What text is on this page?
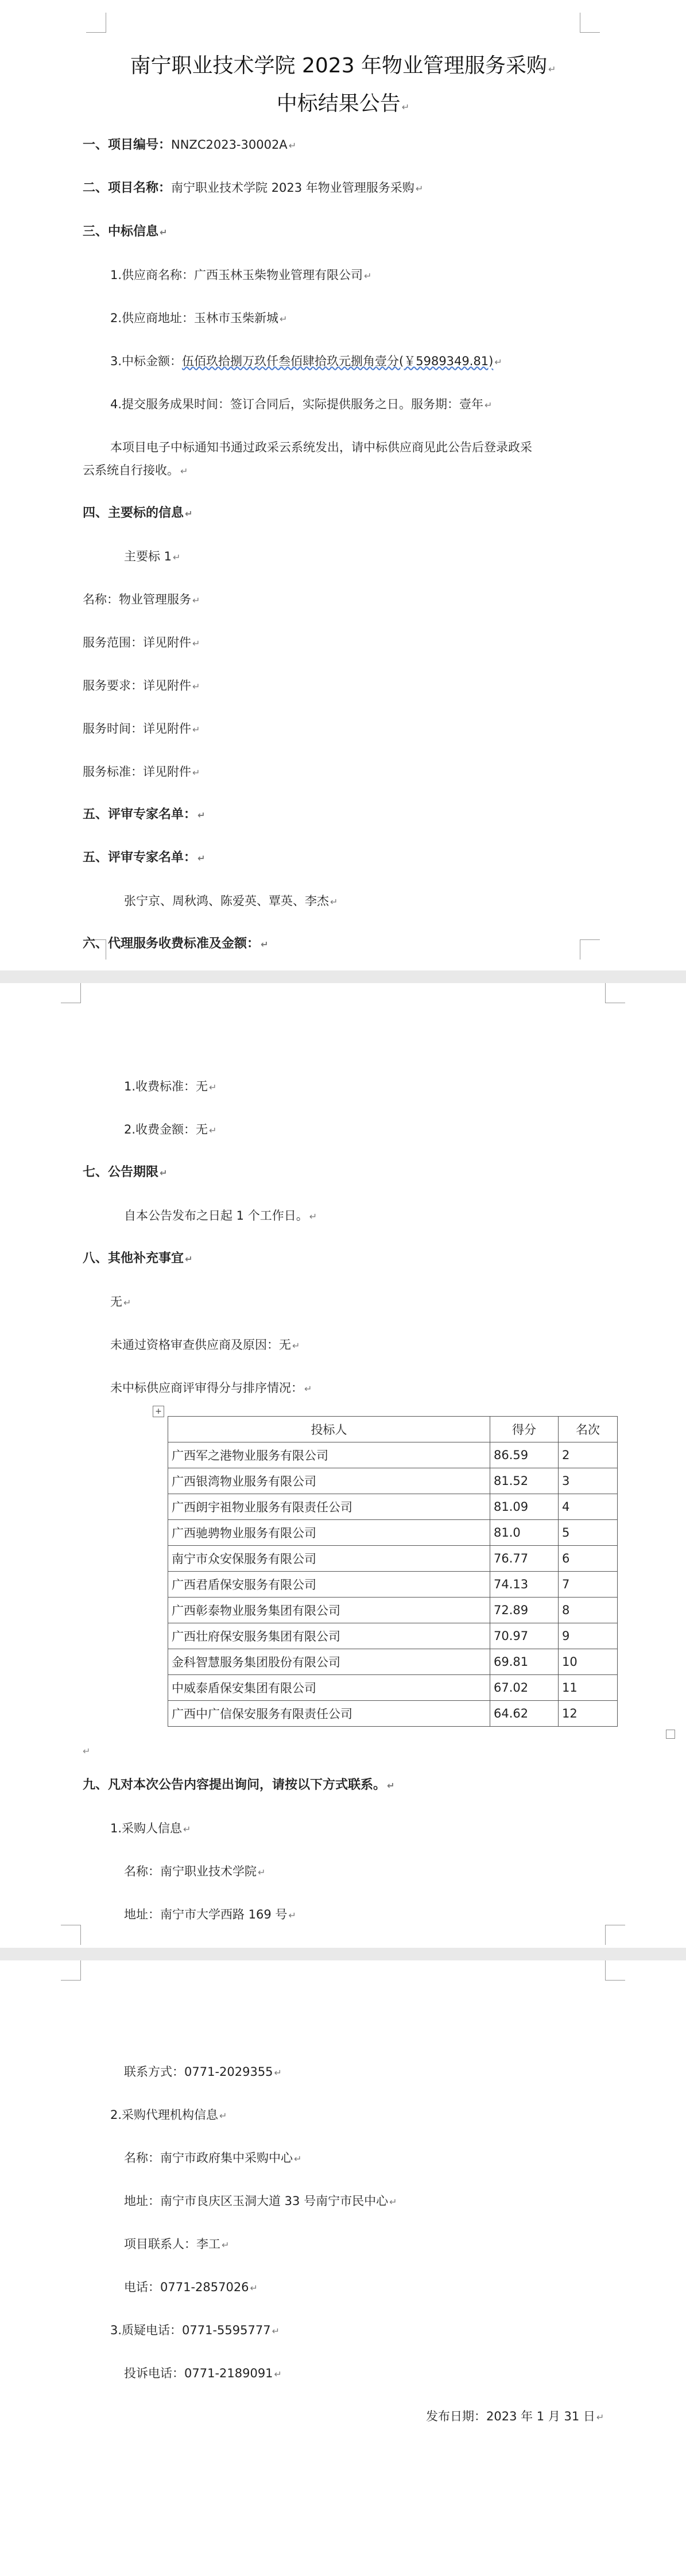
南宁职业技术学院 2023 年物业管理服务采购 ↵
中标结果公告 ↵
一、项目编号：NNZC2023-30002A ↵
二、项目名称：南宁职业技术学院 2023 年物业管理服务采购 ↵
三、中标信息 ↵
1.供应商名称：广西玉林玉柴物业管理有限公司 ↵
2.供应商地址：玉林市玉柴新城 ↵
3.中标金额：伍佰玖拾捌万玖仟叁佰肆拾玖元捌角壹分(￥5989349.81) ↵
4.提交服务成果时间：签订合同后，实际提供服务之日。服务期：壹年 ↵
本项目电子中标通知书通过政采云系统发出，请中标供应商见此公告后登录政采
云系统自行接收。 ↵
四、主要标的信息 ↵
主要标 1 ↵
名称：物业管理服务 ↵
服务范围：详见附件 ↵
服务要求：详见附件 ↵
服务时间：详见附件 ↵
服务标准：详见附件 ↵
五、评审专家名单： ↵
五、评审专家名单： ↵
张宁京、周秋鸿、陈爱英、覃英、李杰 ↵
六、代理服务收费标准及金额： ↵
1.收费标准：无 ↵
2.收费金额：无 ↵
七、公告期限 ↵
自本公告发布之日起 1 个工作日。 ↵
八、其他补充事宜 ↵
无 ↵
未通过资格审查供应商及原因：无 ↵
未中标供应商评审得分与排序情况： ↵
+
投标人	得分	名次
广西军之港物业服务有限公司	86.59	2
广西银湾物业服务有限公司	81.52	3
广西朗宇祖物业服务有限责任公司	81.09	4
广西驰骋物业服务有限公司	81.0	5
南宁市众安保服务有限公司	76.77	6
广西君盾保安服务有限公司	74.13	7
广西彰泰物业服务集团有限公司	72.89	8
广西壮府保安服务集团有限公司	70.97	9
金科智慧服务集团股份有限公司	69.81	10
中威泰盾保安集团有限公司	67.02	11
广西中广信保安服务有限责任公司	64.62	12
↵
九、凡对本次公告内容提出询问，请按以下方式联系。 ↵
1.采购人信息 ↵
名称：南宁职业技术学院 ↵
地址：南宁市大学西路 169 号 ↵
联系方式：0771-2029355 ↵
2.采购代理机构信息 ↵
名称：南宁市政府集中采购中心 ↵
地址：南宁市良庆区玉洞大道 33 号南宁市民中心 ↵
项目联系人：李工 ↵
电话：0771-2857026 ↵
3.质疑电话：0771-5595777 ↵
投诉电话：0771-2189091 ↵
发布日期：2023 年 1 月 31 日 ↵
